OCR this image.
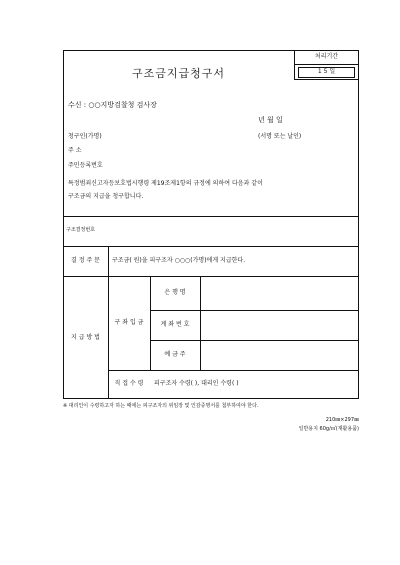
처리기간
1 5 일
구조금지급청구서
수신 : ○○지방검찰청 검사장
년 월 일
청구인(가명)	(서명 또는 날인)
주 소
주민등록번호
특정범죄신고자등보호법시행령 제19조제1항의 규정에 의하여 다음과 같이
구조금의 지급을 청구합니다.
구조결정번호
결 정 주 문	구조금( 원)을 피구조자 ○○○(가명)에게 지급한다.
지 급 방 법
구 좌 입 금
은 행 명
계 좌 번 호
예 금 주
직 접 수 령	피구조자 수령( ), 대리인 수령( )
※ 대리인이 수령하고자 하는 때에는 피구조자의 위임장 및 인감증명서를 첨부하여야 한다.
210㎜×297㎜
일반용지 60g/㎡(재활용품)
